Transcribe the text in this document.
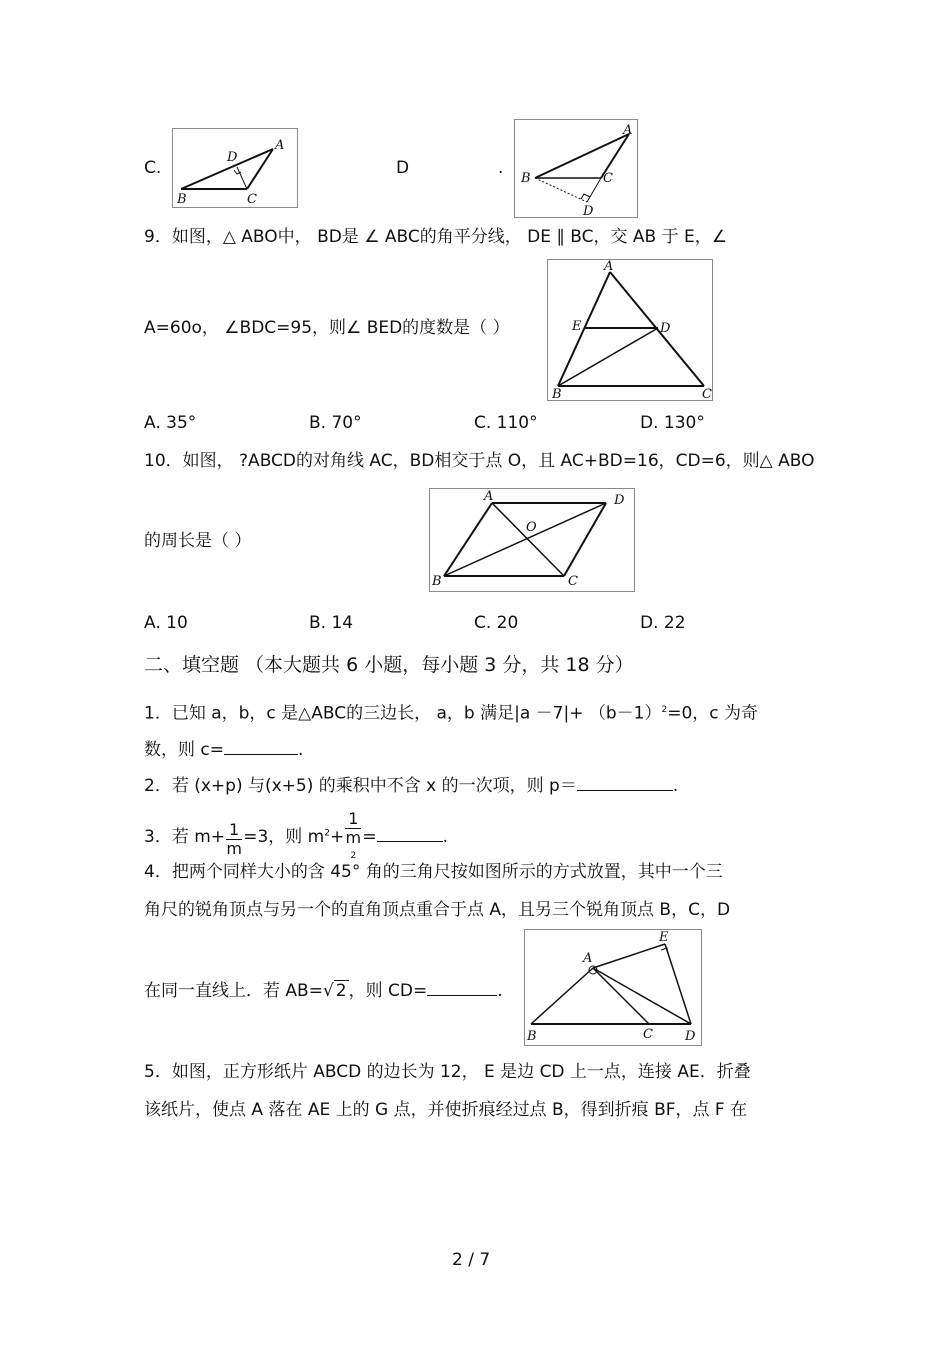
C.
A
B	C
D
D	.
A
B	C
D
9．如图，△ ABO中， BD是 ∠ ABC的角平分线， DE ∥ BC，交 AB 于 E，∠
A=60o， ∠BDC=95，则∠ BED的度数是（ ）
A
B	C
D
E
A. 35°	B. 70°	C. 110°	D. 130°
10．如图， ?ABCD的对角线 AC，BD相交于点 O，且 AC+BD=16，CD=6，则△ ABO
的周长是（ ）
A
B	C
D
O
A. 10	B. 14	C. 20	D. 22
二、填空题 （本大题共 6 小题，每小题 3 分，共 18 分）
1．已知 a，b，c 是△ABC的三边长， a，b 满足$|a -7|+ (b-1)^2=0$，c 为奇
数，则 c=	.
2．若 (x+p) 与(x+5) 的乘积中不含 x 的一次项，则 p＝	.
3．若 $m+ \frac{1}{m} =3$，则 $m^2+ 1$
m
$^2$ =	.
4．把两个同样大小的含 45° 角的三角尺按如图所示的方式放置，其中一个三
角尺的锐角顶点与另一个的直角顶点重合于点 A，且另三个锐角顶点 B，C，D
在同一直线上．若 AB=√ 2 ，则 CD=	.
A
B	C D
E
5．如图，正方形纸片 ABCD 的边长为 12， E 是边 CD 上一点，连接 AE．折叠
该纸片，使点 A 落在 AE 上的 G 点，并使折痕经过点 B，得到折痕 BF，点 F 在
2 / 7
